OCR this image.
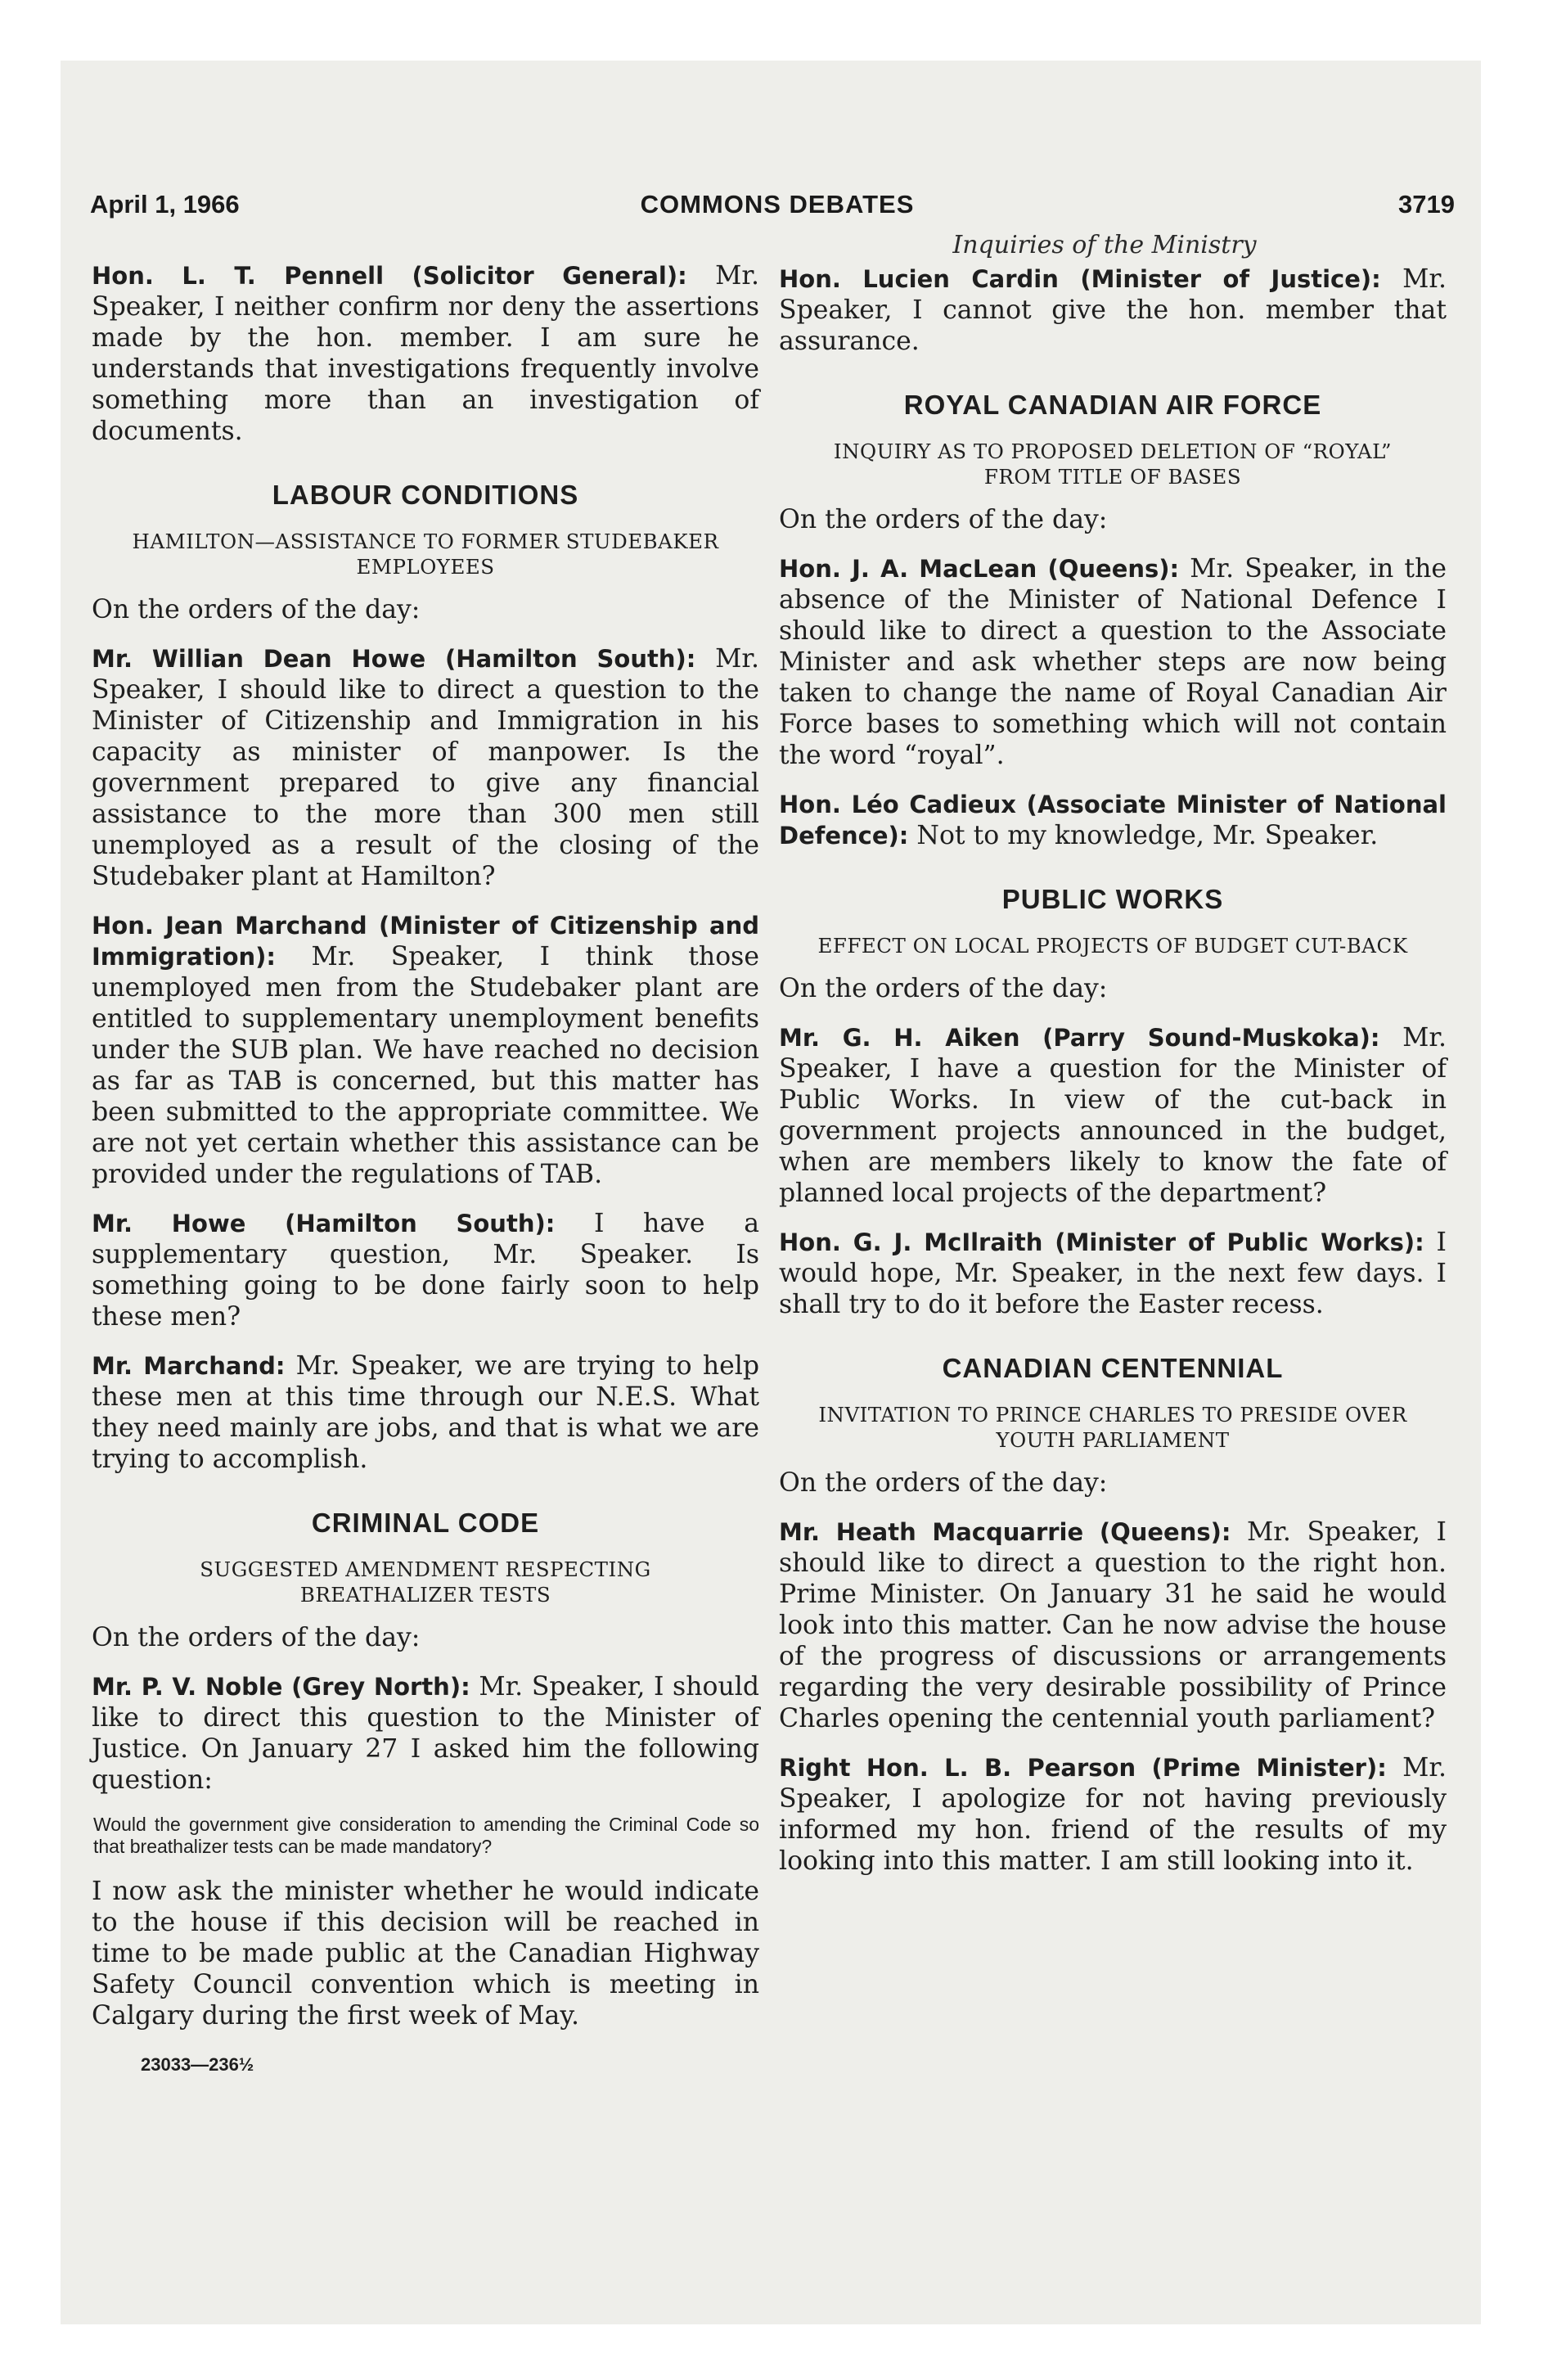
April 1, 1966	COMMONS DEBATES	3719
Inquiries of the Ministry

Hon. L. T. Pennell (Solicitor General): Mr. Speaker, I neither confirm nor deny the assertions made by the hon. member. I am sure he understands that investigations frequently involve something more than an investigation of documents.

LABOUR CONDITIONS
HAMILTON—ASSISTANCE TO FORMER STUDEBAKER EMPLOYEES

On the orders of the day:

Mr. Willian Dean Howe (Hamilton South): Mr. Speaker, I should like to direct a question to the Minister of Citizenship and Immigration in his capacity as minister of manpower. Is the government prepared to give any financial assistance to the more than 300 men still unemployed as a result of the closing of the Studebaker plant at Hamilton?

Hon. Jean Marchand (Minister of Citizenship and Immigration): Mr. Speaker, I think those unemployed men from the Studebaker plant are entitled to supplementary unemployment benefits under the SUB plan. We have reached no decision as far as TAB is concerned, but this matter has been submitted to the appropriate committee. We are not yet certain whether this assistance can be provided under the regulations of TAB.

Mr. Howe (Hamilton South): I have a supplementary question, Mr. Speaker. Is something going to be done fairly soon to help these men?

Mr. Marchand: Mr. Speaker, we are trying to help these men at this time through our N.E.S. What they need mainly are jobs, and that is what we are trying to accomplish.

CRIMINAL CODE
SUGGESTED AMENDMENT RESPECTING BREATHALIZER TESTS

On the orders of the day:

Mr. P. V. Noble (Grey North): Mr. Speaker, I should like to direct this question to the Minister of Justice. On January 27 I asked him the following question:

Would the government give consideration to amending the Criminal Code so that breathalizer tests can be made mandatory?

I now ask the minister whether he would indicate to the house if this decision will be reached in time to be made public at the Canadian Highway Safety Council convention which is meeting in Calgary during the first week of May.

23033—236½

Hon. Lucien Cardin (Minister of Justice): Mr. Speaker, I cannot give the hon. member that assurance.

ROYAL CANADIAN AIR FORCE
INQUIRY AS TO PROPOSED DELETION OF “ROYAL” FROM TITLE OF BASES

On the orders of the day:

Hon. J. A. MacLean (Queens): Mr. Speaker, in the absence of the Minister of National Defence I should like to direct a question to the Associate Minister and ask whether steps are now being taken to change the name of Royal Canadian Air Force bases to something which will not contain the word “royal”.

Hon. Léo Cadieux (Associate Minister of National Defence): Not to my knowledge, Mr. Speaker.

PUBLIC WORKS
EFFECT ON LOCAL PROJECTS OF BUDGET CUT-BACK

On the orders of the day:

Mr. G. H. Aiken (Parry Sound-Muskoka): Mr. Speaker, I have a question for the Minister of Public Works. In view of the cut-back in government projects announced in the budget, when are members likely to know the fate of planned local projects of the department?

Hon. G. J. McIlraith (Minister of Public Works): I would hope, Mr. Speaker, in the next few days. I shall try to do it before the Easter recess.

CANADIAN CENTENNIAL
INVITATION TO PRINCE CHARLES TO PRESIDE OVER YOUTH PARLIAMENT

On the orders of the day:

Mr. Heath Macquarrie (Queens): Mr. Speaker, I should like to direct a question to the right hon. Prime Minister. On January 31 he said he would look into this matter. Can he now advise the house of the progress of discussions or arrangements regarding the very desirable possibility of Prince Charles opening the centennial youth parliament?

Right Hon. L. B. Pearson (Prime Minister): Mr. Speaker, I apologize for not having previously informed my hon. friend of the results of my looking into this matter. I am still looking into it.
